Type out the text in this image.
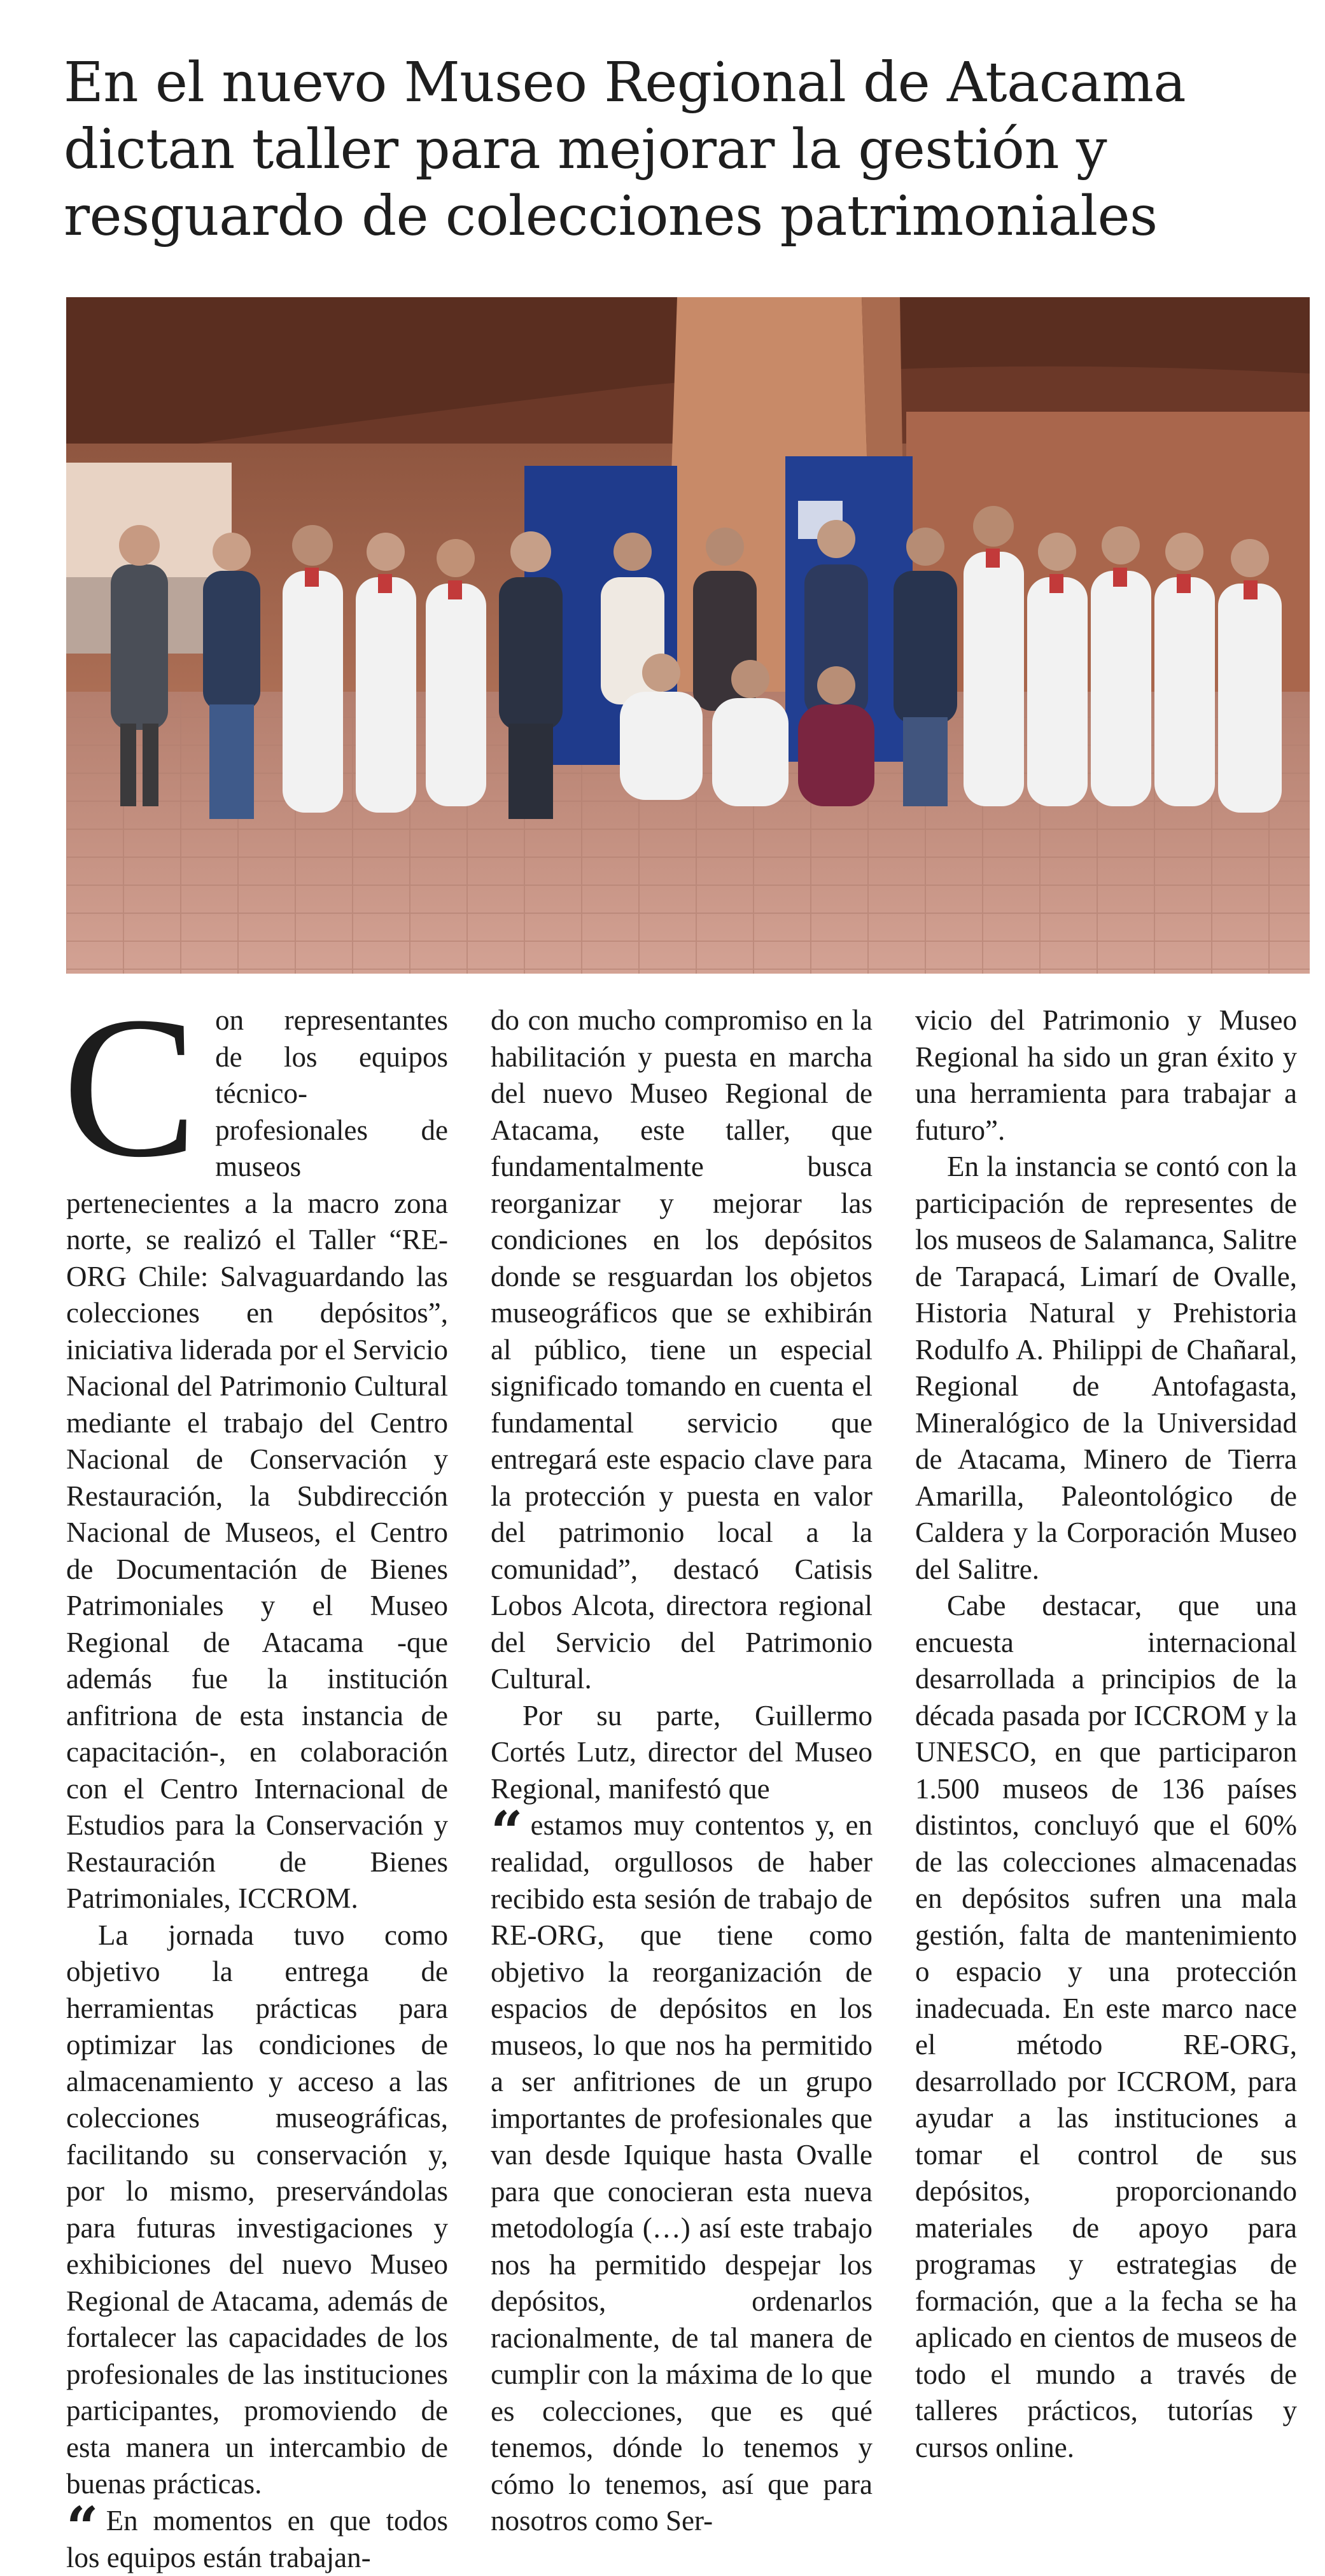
En el nuevo Museo Regional de Atacama
dictan taller para mejorar la gestión y
resguardo de colecciones patrimoniales

Con representantes de los equipos técnico-profesionales de museos pertenecientes a la macro zona norte, se realizó el Taller “RE-ORG Chile: Salvaguardando las colecciones en depósitos”, iniciativa liderada por el Servicio Nacional del Patrimonio Cultural mediante el trabajo del Centro Nacional de Conservación y Restauración, la Subdirección Nacional de Museos, el Centro de Documentación de Bienes Patrimoniales y el Museo Regional de Atacama -que además fue la institución anfitriona de esta instancia de capacitación-, en colaboración con el Centro Internacional de Estudios para la Conservación y Restauración de Bienes Patrimoniales, ICCROM.

La jornada tuvo como objetivo la entrega de herramientas prácticas para optimizar las condiciones de almacenamiento y acceso a las colecciones museográficas, facilitando su conservación y, por lo mismo, preservándolas para futuras investigaciones y exhibiciones del nuevo Museo Regional de Atacama, además de fortalecer las capacidades de los profesionales de las instituciones participantes, promoviendo de esta manera un intercambio de buenas prácticas.

“ En momentos en que todos los equipos están trabajan-

do con mucho compromiso en la habilitación y puesta en marcha del nuevo Museo Regional de Atacama, este taller, que fundamentalmente busca reorganizar y mejorar las condiciones en los depósitos donde se resguardan los objetos museográficos que se exhibirán al público, tiene un especial significado tomando en cuenta el fundamental servicio que entregará este espacio clave para la protección y puesta en valor del patrimonio local a la comunidad”, destacó Catisis Lobos Alcota, directora regional del Servicio del Patrimonio Cultural.

Por su parte, Guillermo Cortés Lutz, director del Museo Regional, manifestó que

“ estamos muy contentos y, en realidad, orgullosos de haber recibido esta sesión de trabajo de RE-ORG, que tiene como objetivo la reorganización de espacios de depósitos en los museos, lo que nos ha permitido a ser anfitriones de un grupo importantes de profesionales que van desde Iquique hasta Ovalle para que conocieran esta nueva metodología (…) así este trabajo nos ha permitido despejar los depósitos, ordenarlos racionalmente, de tal manera de cumplir con la máxima de lo que es colecciones, que es qué tenemos, dónde lo tenemos y cómo lo tenemos, así que para nosotros como Ser-

vicio del Patrimonio y Museo Regional ha sido un gran éxito y una herramienta para trabajar a futuro”.

En la instancia se contó con la participación de representes de los museos de Salamanca, Salitre de Tarapacá, Limarí de Ovalle, Historia Natural y Prehistoria Rodulfo A. Philippi de Chañaral, Regional de Antofagasta, Mineralógico de la Universidad de Atacama, Minero de Tierra Amarilla, Paleontológico de Caldera y la Corporación Museo del Salitre.

Cabe destacar, que una encuesta internacional desarrollada a principios de la década pasada por ICCROM y la UNESCO, en que participaron 1.500 museos de 136 países distintos, concluyó que el 60% de las colecciones almacenadas en depósitos sufren una mala gestión, falta de mantenimiento o espacio y una protección inadecuada. En este marco nace el método RE-ORG, desarrollado por ICCROM, para ayudar a las instituciones a tomar el control de sus depósitos, proporcionando materiales de apoyo para programas y estrategias de formación, que a la fecha se ha aplicado en cientos de museos de todo el mundo a través de talleres prácticos, tutorías y cursos online.
